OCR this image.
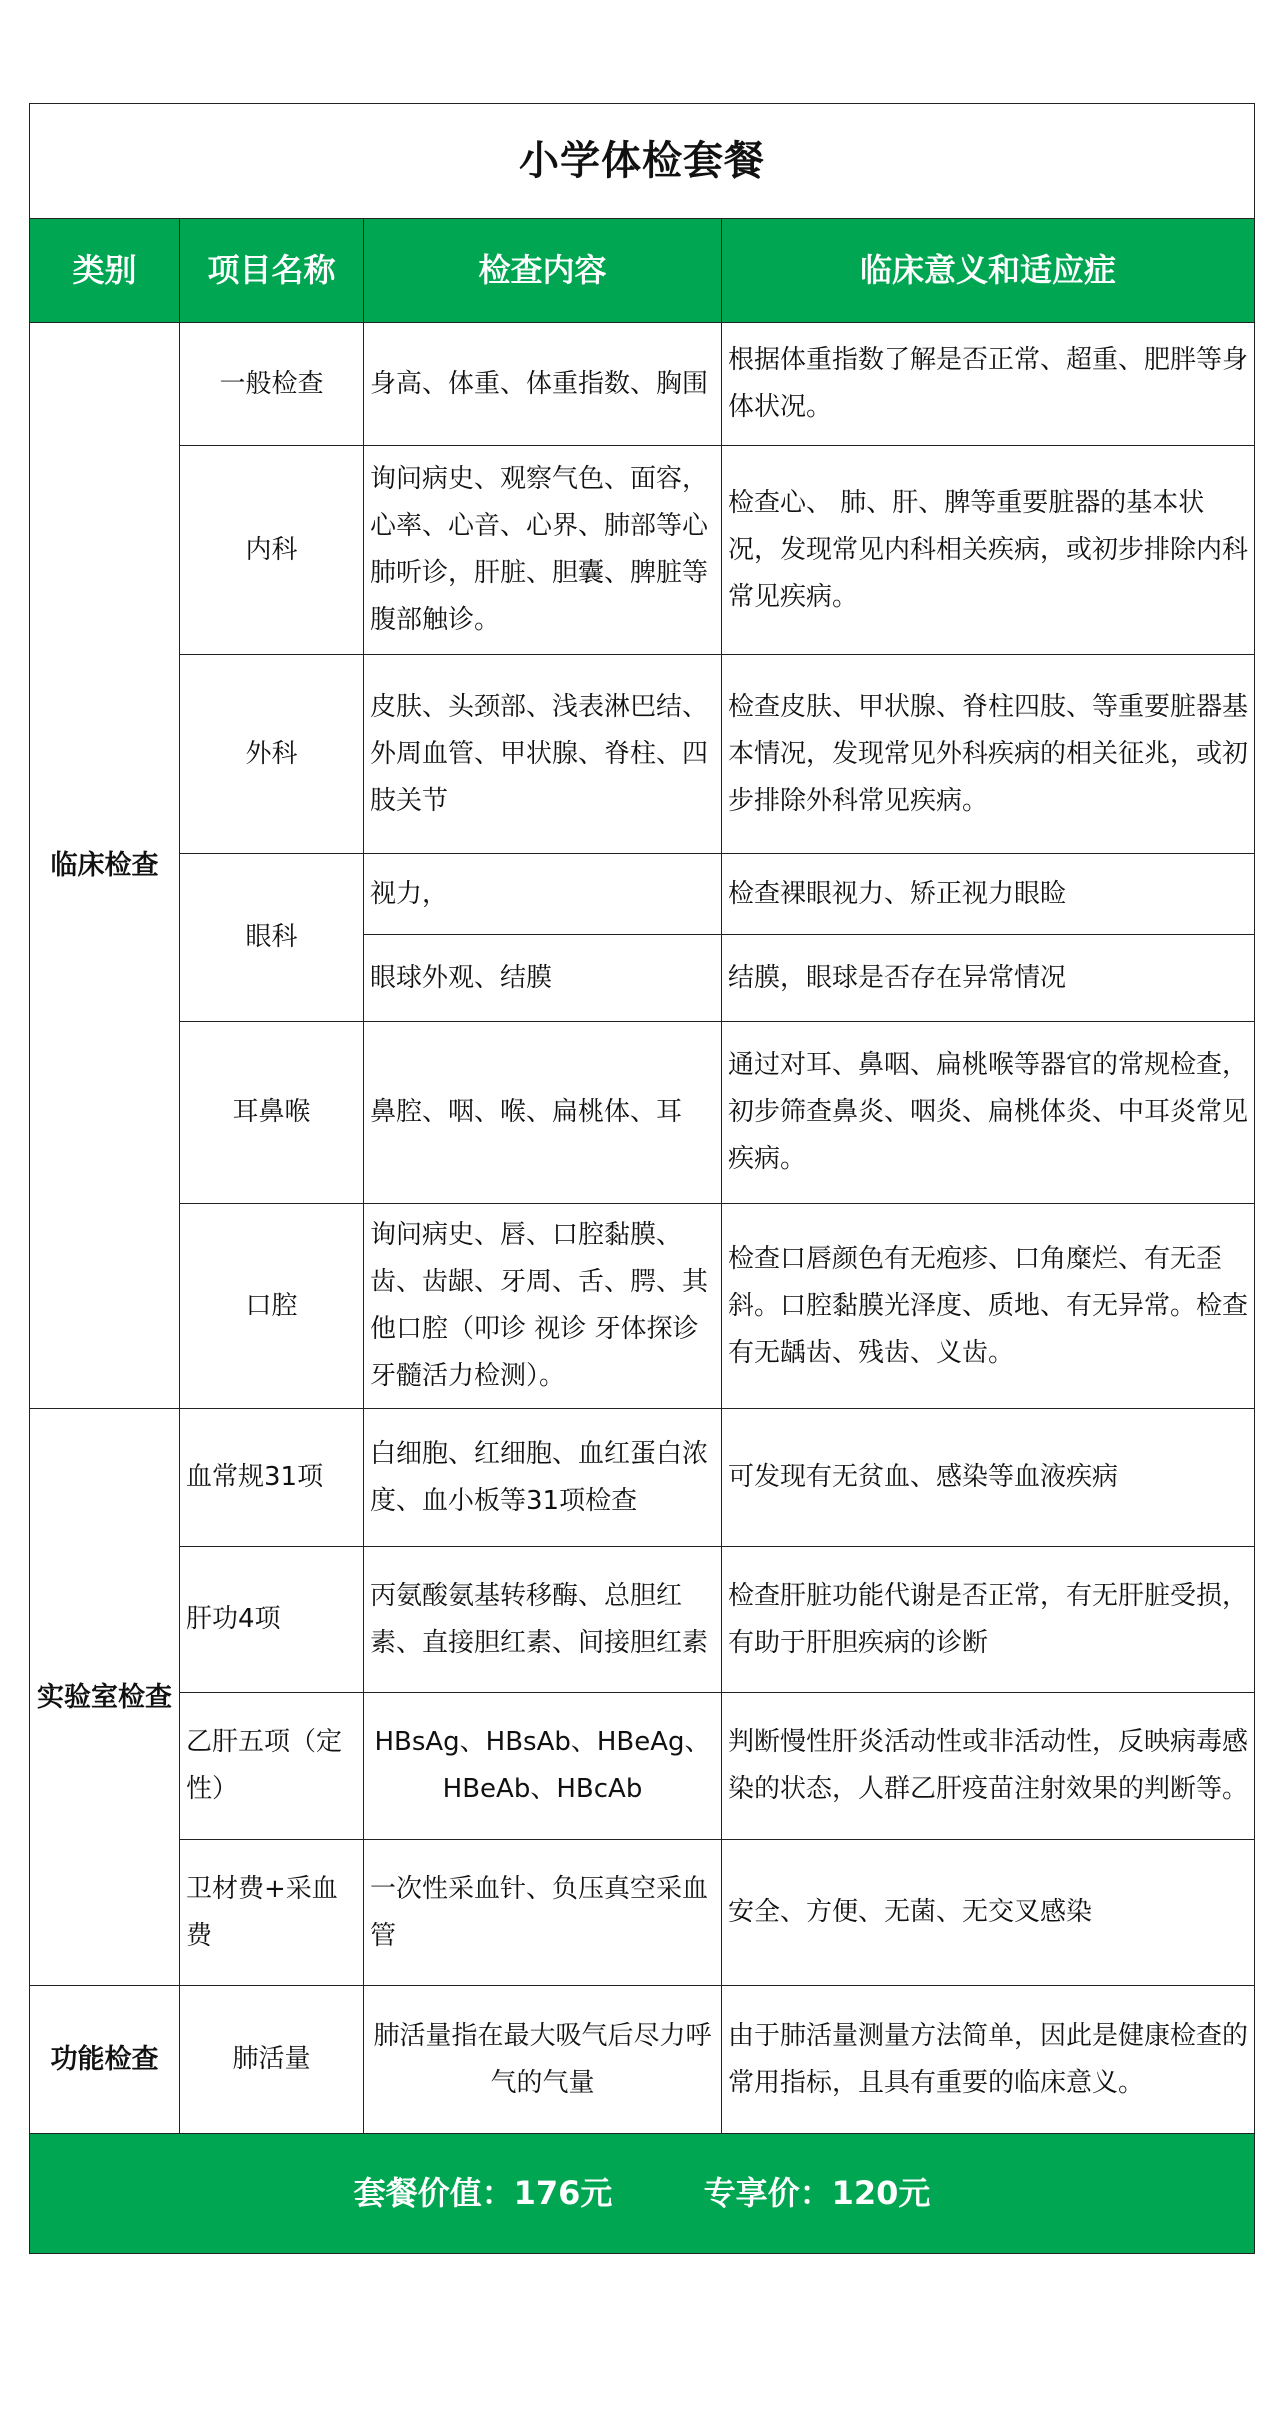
小学体检套餐			
类别	项目名称	检查内容	临床意义和适应症
临床检查	一般检查	身高、体重、体重指数、胸围	根据体重指数了解是否正常、超重、肥胖等身体状况。
	内科	询问病史、观察气色、面容，心率、心音、心界、肺部等心肺听诊，肝脏、胆囊、脾脏等腹部触诊。	检查心、 肺、肝、脾等重要脏器的基本状况，发现常见内科相关疾病，或初步排除内科常见疾病。
	外科	皮肤、头颈部、浅表淋巴结、外周血管、甲状腺、脊柱、四肢关节	检查皮肤、甲状腺、脊柱四肢、等重要脏器基本情况，发现常见外科疾病的相关征兆，或初步排除外科常见疾病。
	眼科	视力，	检查裸眼视力、矫正视力眼睑
		眼球外观、结膜	结膜，眼球是否存在异常情况
	耳鼻喉	鼻腔、咽、喉、扁桃体、耳	通过对耳、鼻咽、扁桃喉等器官的常规检查，初步筛查鼻炎、咽炎、扁桃体炎、中耳炎常见疾病。
	口腔	询问病史、唇、口腔黏膜、齿、齿龈、牙周、舌、腭、其他口腔（叩诊 视诊 牙体探诊 牙髓活力检测）。	检查口唇颜色有无疱疹、口角糜烂、有无歪斜。口腔黏膜光泽度、质地、有无异常。检查有无龋齿、残齿、义齿。
实验室检查	血常规31项	白细胞、红细胞、血红蛋白浓度、血小板等31项检查	可发现有无贫血、感染等血液疾病
	肝功4项	丙氨酸氨基转移酶、总胆红素、直接胆红素、间接胆红素	检查肝脏功能代谢是否正常，有无肝脏受损，有助于肝胆疾病的诊断
	乙肝五项（定性）	HBsAg、HBsAb、HBeAg、HBeAb、HBcAb	判断慢性肝炎活动性或非活动性，反映病毒感染的状态，人群乙肝疫苗注射效果的判断等。
	卫材费+采血费	一次性采血针、负压真空采血管	安全、方便、无菌、无交叉感染
功能检查	肺活量	肺活量指在最大吸气后尽力呼气的气量	由于肺活量测量方法简单，因此是健康检查的常用指标，且具有重要的临床意义。
套餐价值：176元 专享价：120元			
